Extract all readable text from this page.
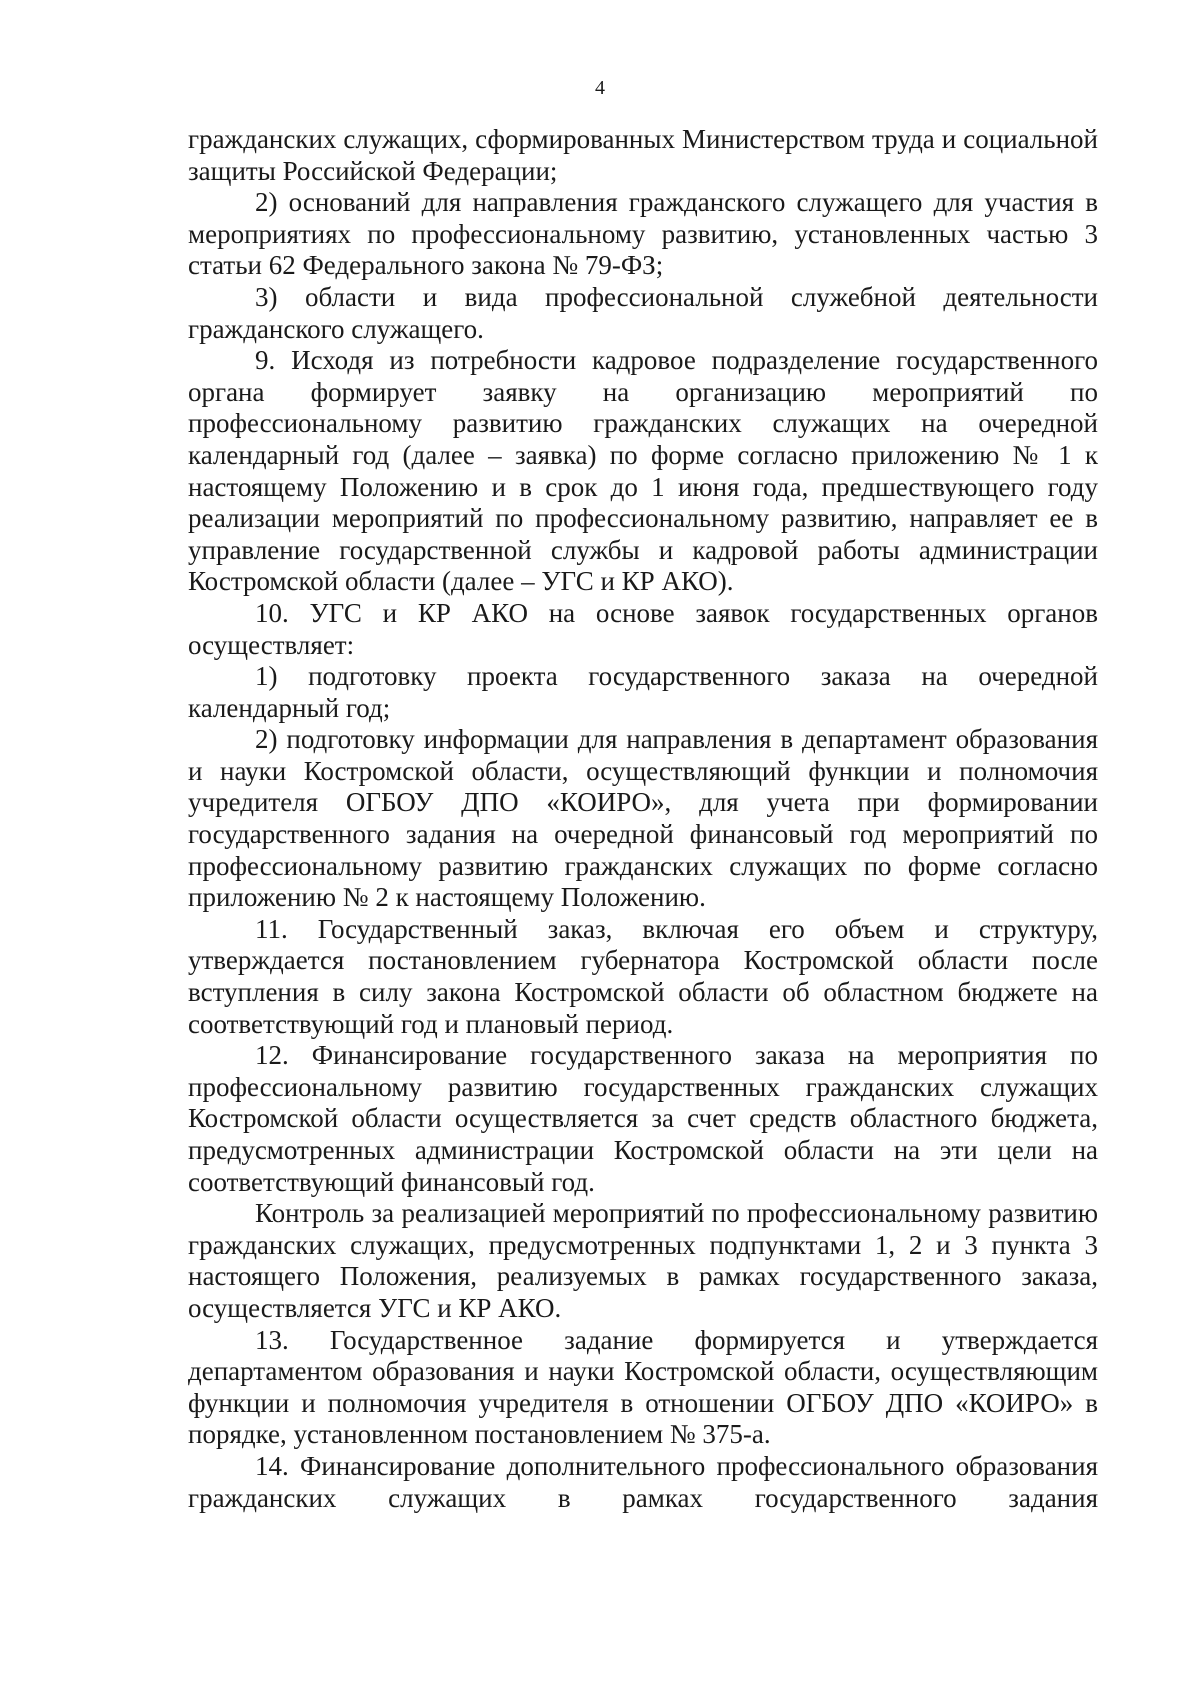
4

гражданских служащих, сформированных Министерством труда и социальной защиты Российской Федерации;

2) оснований для направления гражданского служащего для участия в мероприятиях по профессиональному развитию, установленных частью 3 статьи 62 Федерального закона № 79-ФЗ;

3) области и вида профессиональной служебной деятельности гражданского служащего.

9. Исходя из потребности кадровое подразделение государственного органа формирует заявку на организацию мероприятий по профессиональному развитию гражданских служащих на очередной календарный год (далее – заявка) по форме согласно приложению № 1 к настоящему Положению и в срок до 1 июня года, предшествующего году реализации мероприятий по профессиональному развитию, направляет ее в управление государственной службы и кадровой работы администрации Костромской области (далее – УГС и КР АКО).

10. УГС и КР АКО на основе заявок государственных органов осуществляет:

1) подготовку проекта государственного заказа на очередной календарный год;

2) подготовку информации для направления в департамент образования и науки Костромской области, осуществляющий функции и полномочия учредителя ОГБОУ ДПО «КОИРО», для учета при формировании государственного задания на очередной финансовый год мероприятий по профессиональному развитию гражданских служащих по форме согласно приложению № 2 к настоящему Положению.

11. Государственный заказ, включая его объем и структуру, утверждается постановлением губернатора Костромской области после вступления в силу закона Костромской области об областном бюджете на соответствующий год и плановый период.

12. Финансирование государственного заказа на мероприятия по профессиональному развитию государственных гражданских служащих Костромской области осуществляется за счет средств областного бюджета, предусмотренных администрации Костромской области на эти цели на соответствующий финансовый год.

Контроль за реализацией мероприятий по профессиональному развитию гражданских служащих, предусмотренных подпунктами 1, 2 и 3 пункта 3 настоящего Положения, реализуемых в рамках государственного заказа, осуществляется УГС и КР АКО.

13. Государственное задание формируется и утверждается департаментом образования и науки Костромской области, осуществляющим функции и полномочия учредителя в отношении ОГБОУ ДПО «КОИРО» в порядке, установленном постановлением № 375-а.

14. Финансирование дополнительного профессионального образования гражданских служащих в рамках государственного задания
